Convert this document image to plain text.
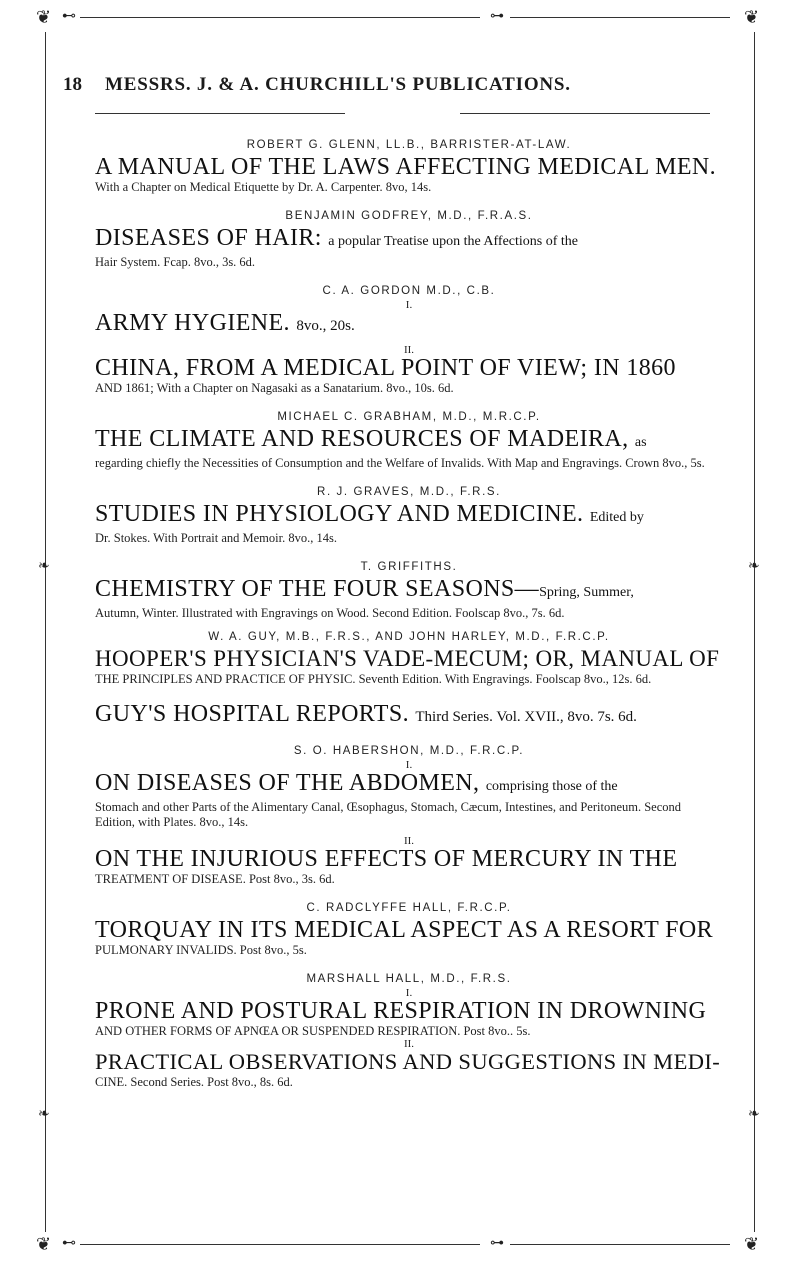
❦ ⊷	⊶	❦
❧	❧
❧	❧
❦ ⊷	⊶	❦
18 MESSRS. J. & A. CHURCHILL'S PUBLICATIONS.
ROBERT G. GLENN, LL.B., BARRISTER-AT-LAW.
A MANUAL OF THE LAWS AFFECTING MEDICAL MEN.
With a Chapter on Medical Etiquette by Dr. A. Carpenter. 8vo, 14s.
BENJAMIN GODFREY, M.D., F.R.A.S.
DISEASES OF HAIR: a popular Treatise upon the Affections of the
Hair System. Fcap. 8vo., 3s. 6d.
C. A. GORDON M.D., C.B.
I.
ARMY HYGIENE. 8vo., 20s.
II.
CHINA, FROM A MEDICAL POINT OF VIEW; IN 1860
AND 1861; With a Chapter on Nagasaki as a Sanatarium. 8vo., 10s. 6d.
MICHAEL C. GRABHAM, M.D., M.R.C.P.
THE CLIMATE AND RESOURCES OF MADEIRA, as
regarding chiefly the Necessities of Consumption and the Welfare of Invalids. With Map and Engravings. Crown 8vo., 5s.
R. J. GRAVES, M.D., F.R.S.
STUDIES IN PHYSIOLOGY AND MEDICINE. Edited by
Dr. Stokes. With Portrait and Memoir. 8vo., 14s.
T. GRIFFITHS.
CHEMISTRY OF THE FOUR SEASONS—Spring, Summer,
Autumn, Winter. Illustrated with Engravings on Wood. Second Edition. Foolscap 8vo., 7s. 6d.
W. A. GUY, M.B., F.R.S., AND JOHN HARLEY, M.D., F.R.C.P.
HOOPER'S PHYSICIAN'S VADE-MECUM; OR, MANUAL OF
THE PRINCIPLES AND PRACTICE OF PHYSIC. Seventh Edition. With Engravings. Foolscap 8vo., 12s. 6d.
GUY'S HOSPITAL REPORTS. Third Series. Vol. XVII., 8vo. 7s. 6d.
S. O. HABERSHON, M.D., F.R.C.P.
I.
ON DISEASES OF THE ABDOMEN, comprising those of the
Stomach and other Parts of the Alimentary Canal, Œsophagus, Stomach, Cæcum, Intestines, and Peritoneum. Second Edition, with Plates. 8vo., 14s.
II.
ON THE INJURIOUS EFFECTS OF MERCURY IN THE
TREATMENT OF DISEASE. Post 8vo., 3s. 6d.
C. RADCLYFFE HALL, F.R.C.P.
TORQUAY IN ITS MEDICAL ASPECT AS A RESORT FOR
PULMONARY INVALIDS. Post 8vo., 5s.
MARSHALL HALL, M.D., F.R.S.
I.
PRONE AND POSTURAL RESPIRATION IN DROWNING
AND OTHER FORMS OF APNŒA OR SUSPENDED RESPIRATION. Post 8vo.. 5s.
II.
PRACTICAL OBSERVATIONS AND SUGGESTIONS IN MEDI-
CINE. Second Series. Post 8vo., 8s. 6d.
